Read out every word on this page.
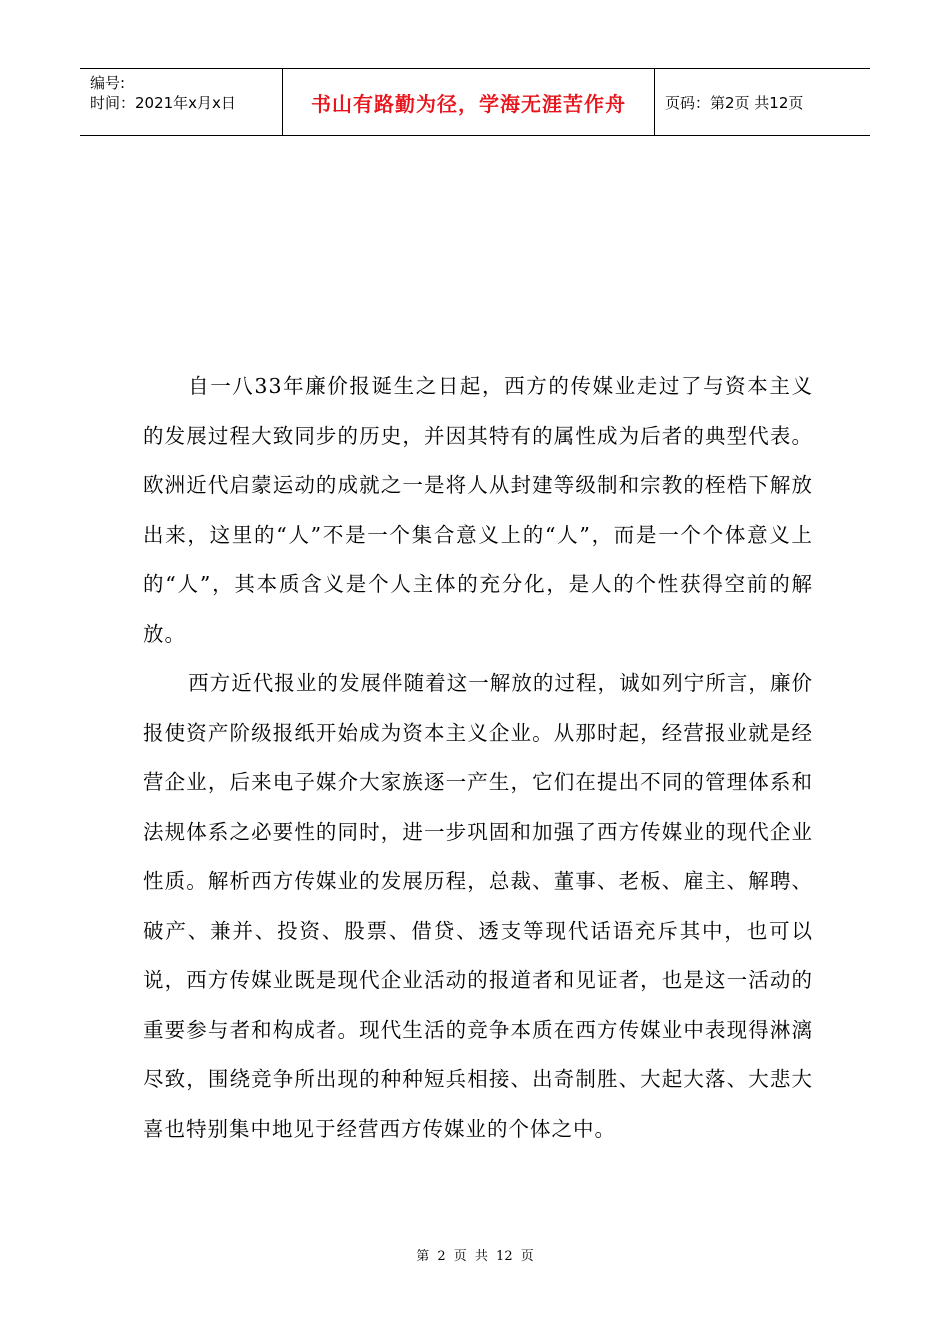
编号:
时间：2021年x月x日	书山有路勤为径，学海无涯苦作舟	页码：第2页 共12页

自一八33年廉价报诞生之日起，西方的传媒业走过了与资本主义的发展过程大致同步的历史，并因其特有的属性成为后者的典型代表。欧洲近代启蒙运动的成就之一是将人从封建等级制和宗教的桎梏下解放出来，这里的“人”不是一个集合意义上的“人”，而是一个个体意义上的“人”，其本质含义是个人主体的充分化，是人的个性获得空前的解放。

西方近代报业的发展伴随着这一解放的过程，诚如列宁所言，廉价报使资产阶级报纸开始成为资本主义企业。从那时起，经营报业就是经营企业，后来电子媒介大家族逐一产生，它们在提出不同的管理体系和法规体系之必要性的同时，进一步巩固和加强了西方传媒业的现代企业性质。解析西方传媒业的发展历程，总裁、董事、老板、雇主、解聘、破产、兼并、投资、股票、借贷、透支等现代话语充斥其中，也可以说，西方传媒业既是现代企业活动的报道者和见证者，也是这一活动的重要参与者和构成者。现代生活的竞争本质在西方传媒业中表现得淋漓尽致，围绕竞争所出现的种种短兵相接、出奇制胜、大起大落、大悲大喜也特别集中地见于经营西方传媒业的个体之中。

第 2 页 共 12 页
